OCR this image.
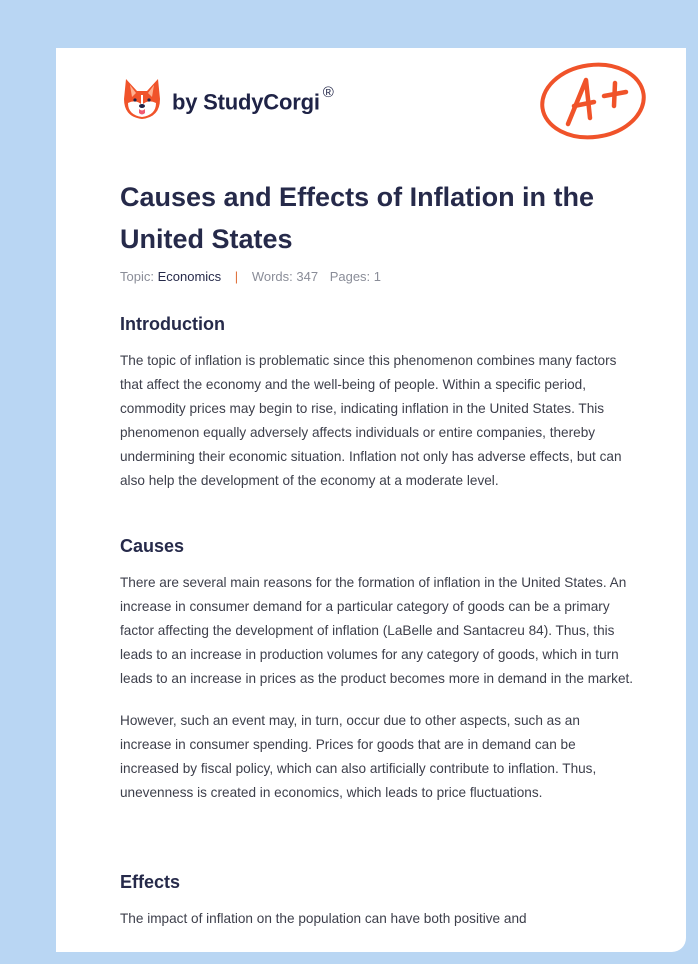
by StudyCorgi ®
Causes and Effects of Inflation in the United States
Topic: Economics | Words: 347 Pages: 1
Introduction

The topic of inflation is problematic since this phenomenon combines many factors that affect the economy and the well-being of people. Within a specific period, commodity prices may begin to rise, indicating inflation in the United States. This phenomenon equally adversely affects individuals or entire companies, thereby undermining their economic situation. Inflation not only has adverse effects, but can also help the development of the economy at a moderate level.

Causes

There are several main reasons for the formation of inflation in the United States. An increase in consumer demand for a particular category of goods can be a primary factor affecting the development of inflation (LaBelle and Santacreu 84). Thus, this leads to an increase in production volumes for any category of goods, which in turn leads to an increase in prices as the product becomes more in demand in the market.

However, such an event may, in turn, occur due to other aspects, such as an increase in consumer spending. Prices for goods that are in demand can be increased by fiscal policy, which can also artificially contribute to inflation. Thus, unevenness is created in economics, which leads to price fluctuations.

Effects

The impact of inflation on the population can have both positive and
